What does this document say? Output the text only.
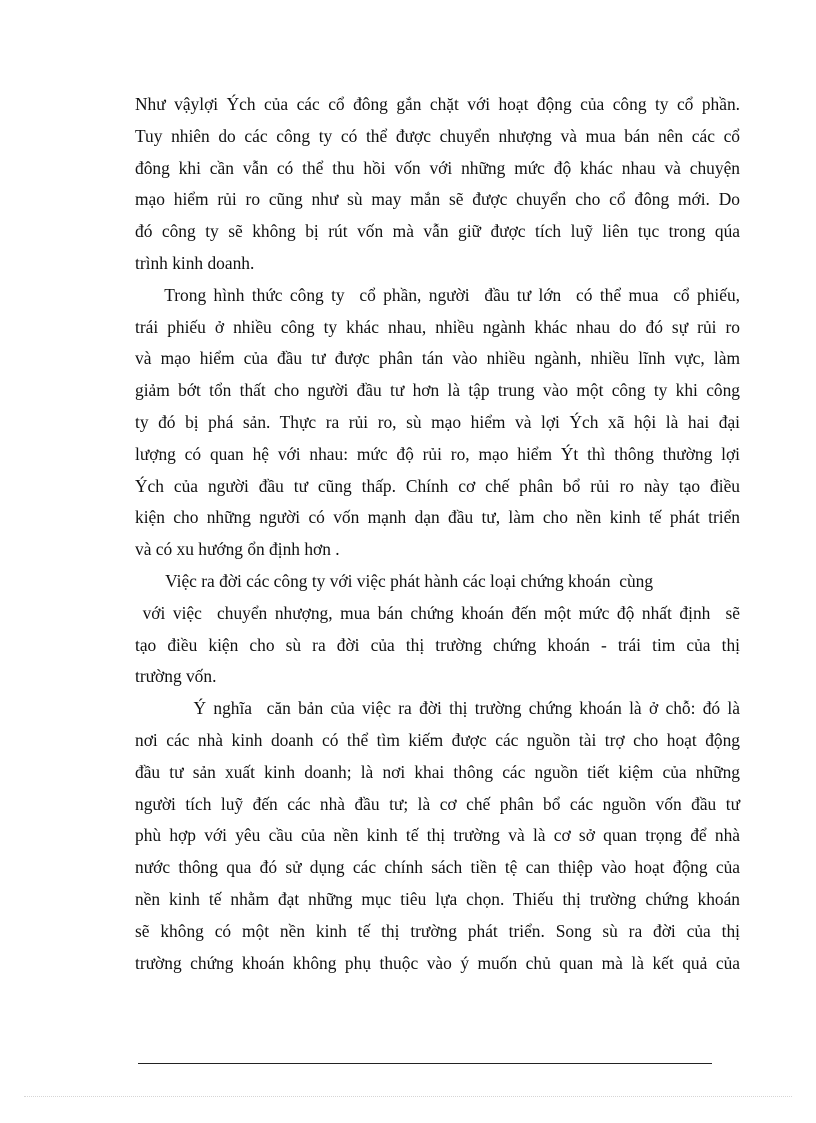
Như vậylợi Ých của các cổ đông gắn chặt với hoạt động của công ty cổ phần.
Tuy nhiên do các công ty có thể được chuyển nhượng và mua bán nên các cổ
đông khi cần vẫn có thể thu hồi vốn với những mức độ khác nhau và chuyện
mạo hiểm rủi ro cũng như sù may mắn sẽ được chuyển cho cổ đông mới. Do
đó công ty sẽ không bị rút vốn mà vẫn giữ được tích luỹ liên tục trong qúa
trình kinh doanh.
Trong hình thức công ty  cổ phần, người  đầu tư lớn  có thể mua  cổ phiếu,
trái phiếu ở nhiều công ty khác nhau, nhiều ngành khác nhau do đó sự rủi ro
và mạo hiểm của đầu tư được phân tán vào nhiều ngành, nhiều lĩnh vực, làm
giảm bớt tổn thất cho người đầu tư hơn là tập trung vào một công ty khi công
ty đó bị phá sản. Thực ra rủi ro, sù mạo hiểm và lợi Ých xã hội là hai đại
lượng có quan hệ với nhau: mức độ rủi ro, mạo hiểm Ýt thì thông thường lợi
Ých của người đầu tư cũng thấp. Chính cơ chế phân bổ rủi ro này tạo điều
kiện cho những người có vốn mạnh dạn đầu tư, làm cho nền kinh tế phát triển
và có xu hướng ổn định hơn .
Việc ra đời các công ty với việc phát hành các loại chứng khoán  cùng
với việc  chuyển nhượng, mua bán chứng khoán đến một mức độ nhất định  sẽ
tạo điều kiện cho sù ra đời của thị trường chứng khoán - trái tim của thị
trường vốn.
Ý nghĩa  căn bản của việc ra đời thị trường chứng khoán là ở chỗ: đó là
nơi các nhà kinh doanh có thể tìm kiếm được các nguồn tài trợ cho hoạt động
đầu tư sản xuất kinh doanh; là nơi khai thông các nguồn tiết kiệm của những
người tích luỹ đến các nhà đầu tư; là cơ chế phân bổ các nguồn vốn đầu tư
phù hợp với yêu cầu của nền kinh tế thị trường và là cơ sở quan trọng để nhà
nước thông qua đó sử dụng các chính sách tiền tệ can thiệp vào hoạt động của
nền kinh tế nhằm đạt những mục tiêu lựa chọn. Thiếu thị trường chứng khoán
sẽ không có một nền kinh tế thị trường phát triển. Song sù ra đời của thị
trường chứng khoán không phụ thuộc vào ý muốn chủ quan mà là kết quả của
